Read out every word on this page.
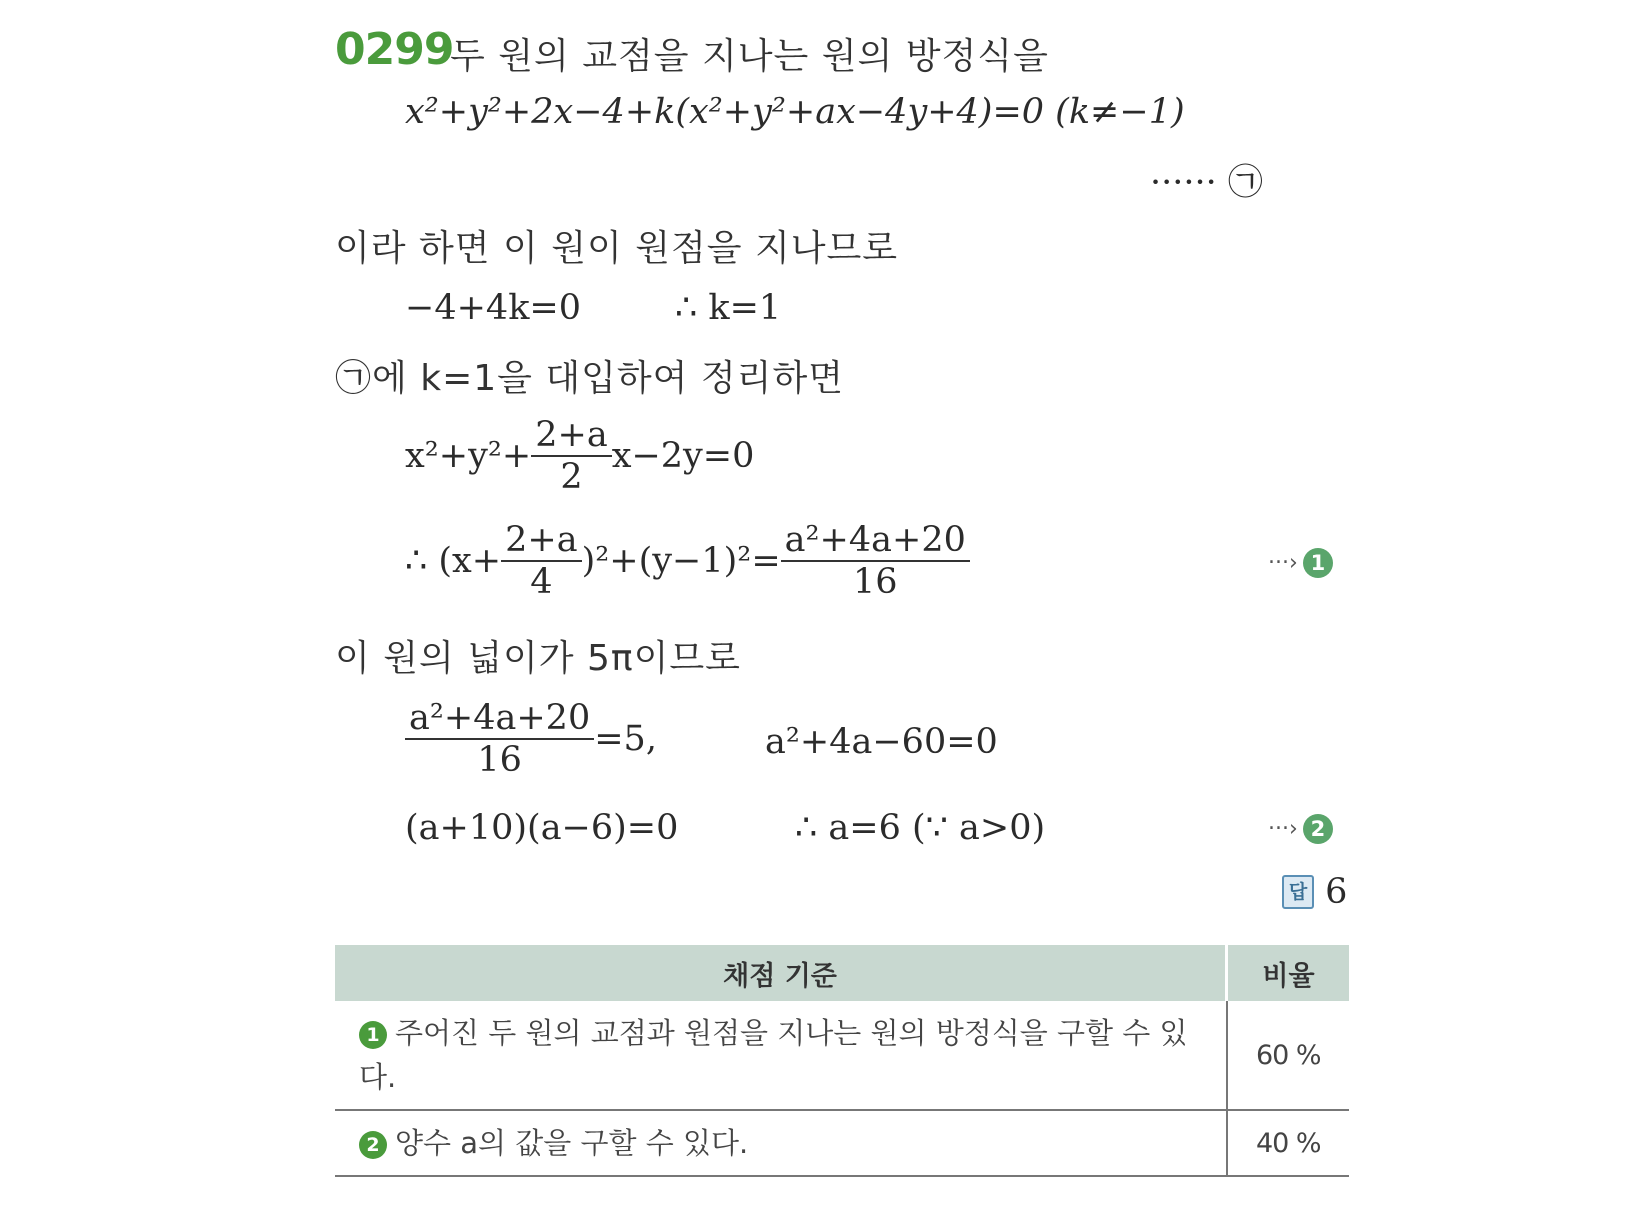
0299
두 원의 교점을 지나는 원의 방정식을
x²+y²+2x−4+k(x²+y²+ax−4y+4)=0 (k≠−1)
······ ㉠
이라 하면 이 원이 원점을 지나므로
−4+4k=0	∴ k=1
㉠에 k=1을 대입하여 정리하면
$x^2+y^2+ \frac{2+a}{2} x-2y=0$
∴ $(x+ \frac{2+a}{4} )^2+(y-1)^2= \frac{\text{a²+4a+20}}{16}$	···› 1
이 원의 넓이가 5π이므로
$\frac{\text{a²+4a+20}}{16} =5$,	a²+4a−60=0
(a+10)(a−6)=0	∴ a=6 (∵ a>0)	···› 2
답 6
채점 기준	비율
1 주어진 두 원의 교점과 원점을 지나는 원의 방정식을 구할 수 있다.	60 %
2 양수 a의 값을 구할 수 있다.	40 %
